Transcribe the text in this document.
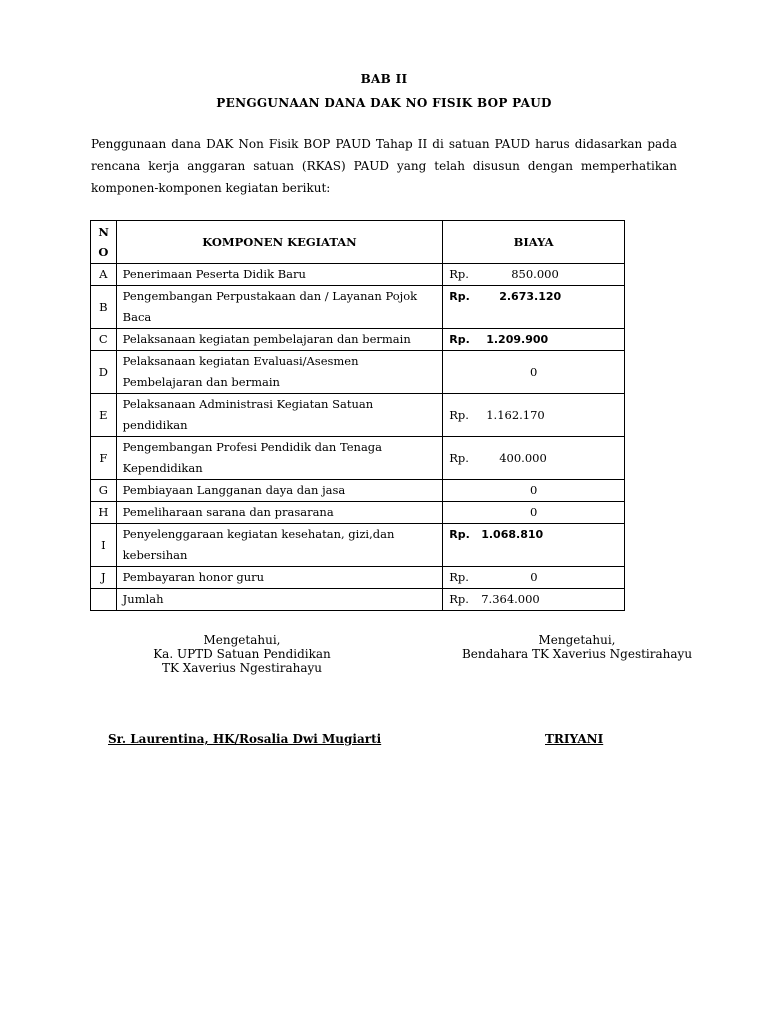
BAB II
PENGGUNAAN DANA DAK NO FISIK BOP PAUD
Penggunaan dana DAK Non Fisik BOP PAUD Tahap II di satuan PAUD harus didasarkan pada rencana kerja anggaran satuan (RKAS) PAUD yang telah disusun dengan memperhatikan komponen-komponen kegiatan berikut:
N O	KOMPONEN KEGIATAN	BIAYA
A	Penerimaan Peserta Didik Baru	Rp. 850.000
B	Pengembangan Perpustakaan dan / Layanan Pojok Baca	Rp. 2.673.120
C	Pelaksanaan kegiatan pembelajaran dan bermain	Rp. 1.209.900
D	Pelaksanaan kegiatan Evaluasi/Asesmen Pembelajaran dan bermain	0
E	Pelaksanaan Administrasi Kegiatan Satuan pendidikan	Rp. 1.162.170
F	Pengembangan Profesi Pendidik dan Tenaga Kependidikan	Rp. 400.000
G	Pembiayaan Langganan daya dan jasa	0
H	Pemeliharaan sarana dan prasarana	0
I	Penyelenggaraan kegiatan kesehatan, gizi,dan kebersihan	Rp. 1.068.810
J	Pembayaran honor guru	Rp. 0
	Jumlah	Rp. 7.364.000
Mengetahui,
Ka. UPTD Satuan Pendidikan
TK Xaverius Ngestirahayu
Mengetahui,
Bendahara TK Xaverius Ngestirahayu
Sr. Laurentina, HK/Rosalia Dwi Mugiarti	TRIYANI
